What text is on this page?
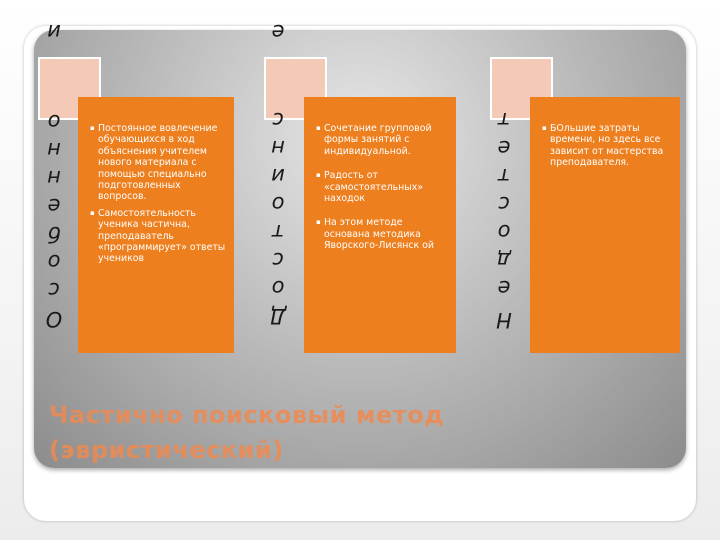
и
о
н
н
е
б
о
с
О
▪ Постоянное вовлечение обучающихся в ход объяснения учителем нового материала с помощью специально подготовленных вопросов.
▪ Самостоятельность ученика частична, преподаватель «программирует» ответы учеников
е
с
н
и
о
т
с
о
Д
▪ Сочетание групповой формы занятий с индивидуальной.
▪ Радость от «самостоятельных» находок
▪ На этом методе основана методика Яворского-Лисянск ой
т
е
т
с
о
д
е
Н
▪ БОльшие затраты времени, но здесь все зависит от мастерства преподавателя.
Частично поисковый метод (эвристический)
